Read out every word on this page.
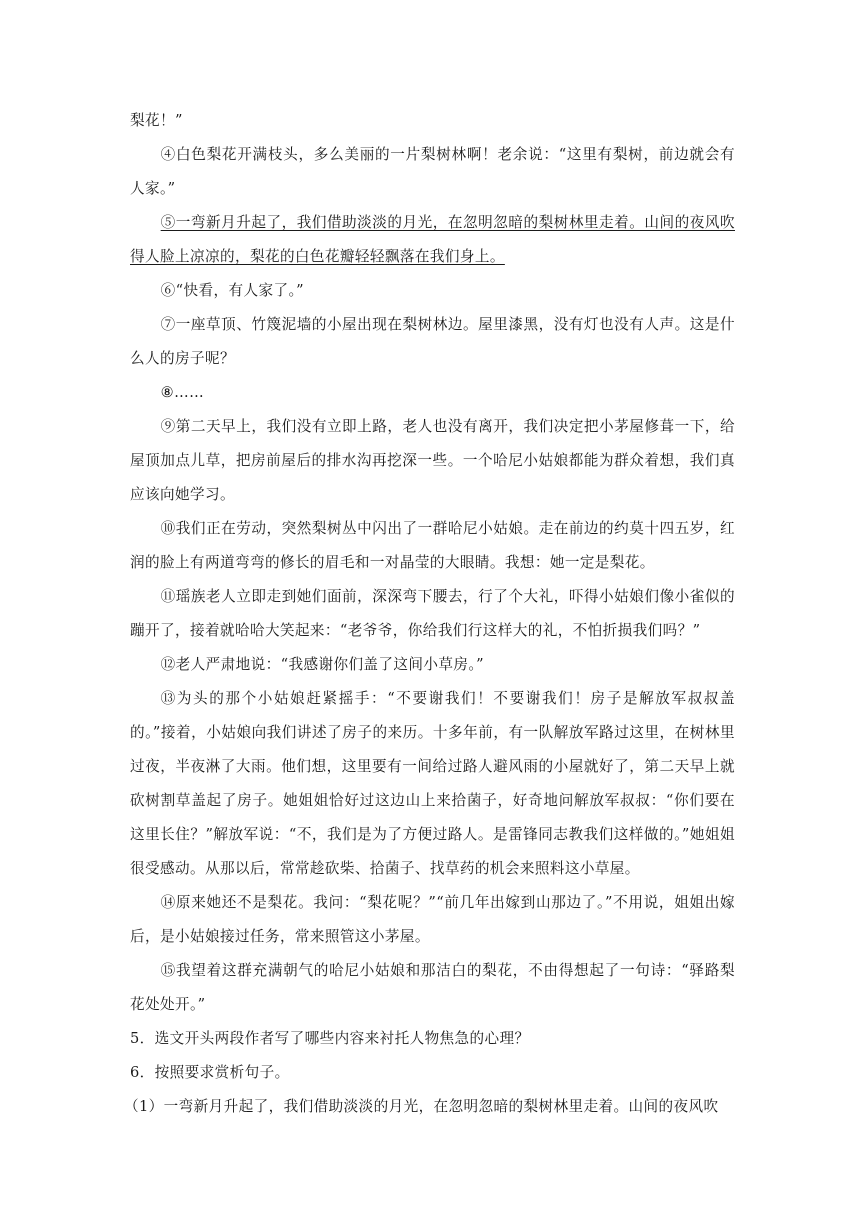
梨花！”

④白色梨花开满枝头，多么美丽的一片梨树林啊！老余说：“这里有梨树，前边就会有人家。”

⑤一弯新月升起了，我们借助淡淡的月光，在忽明忽暗的梨树林里走着。山间的夜风吹得人脸上凉凉的，梨花的白色花瓣轻轻飘落在我们身上。

⑥“快看，有人家了。”

⑦一座草顶、竹篾泥墙的小屋出现在梨树林边。屋里漆黑，没有灯也没有人声。这是什么人的房子呢？

⑧……

⑨第二天早上，我们没有立即上路，老人也没有离开，我们决定把小茅屋修葺一下，给屋顶加点儿草，把房前屋后的排水沟再挖深一些。一个哈尼小姑娘都能为群众着想，我们真应该向她学习。

⑩我们正在劳动，突然梨树丛中闪出了一群哈尼小姑娘。走在前边的约莫十四五岁，红润的脸上有两道弯弯的修长的眉毛和一对晶莹的大眼睛。我想：她一定是梨花。

⑪瑶族老人立即走到她们面前，深深弯下腰去，行了个大礼，吓得小姑娘们像小雀似的蹦开了，接着就哈哈大笑起来：“老爷爷，你给我们行这样大的礼，不怕折损我们吗？”

⑫老人严肃地说：“我感谢你们盖了这间小草房。”

⑬为头的那个小姑娘赶紧摇手：“不要谢我们！不要谢我们！房子是解放军叔叔盖的。”接着，小姑娘向我们讲述了房子的来历。十多年前，有一队解放军路过这里，在树林里过夜，半夜淋了大雨。他们想，这里要有一间给过路人避风雨的小屋就好了，第二天早上就砍树割草盖起了房子。她姐姐恰好过这边山上来拾菌子，好奇地问解放军叔叔：“你们要在这里长住？”解放军说：“不，我们是为了方便过路人。是雷锋同志教我们这样做的。”她姐姐很受感动。从那以后，常常趁砍柴、拾菌子、找草药的机会来照料这小草屋。

⑭原来她还不是梨花。我问：“梨花呢？”“前几年出嫁到山那边了。”不用说，姐姐出嫁后，是小姑娘接过任务，常来照管这小茅屋。

⑮我望着这群充满朝气的哈尼小姑娘和那洁白的梨花，不由得想起了一句诗：“驿路梨花处处开。”

5．选文开头两段作者写了哪些内容来衬托人物焦急的心理？

6．按照要求赏析句子。

（1）一弯新月升起了，我们借助淡淡的月光，在忽明忽暗的梨树林里走着。山间的夜风吹
